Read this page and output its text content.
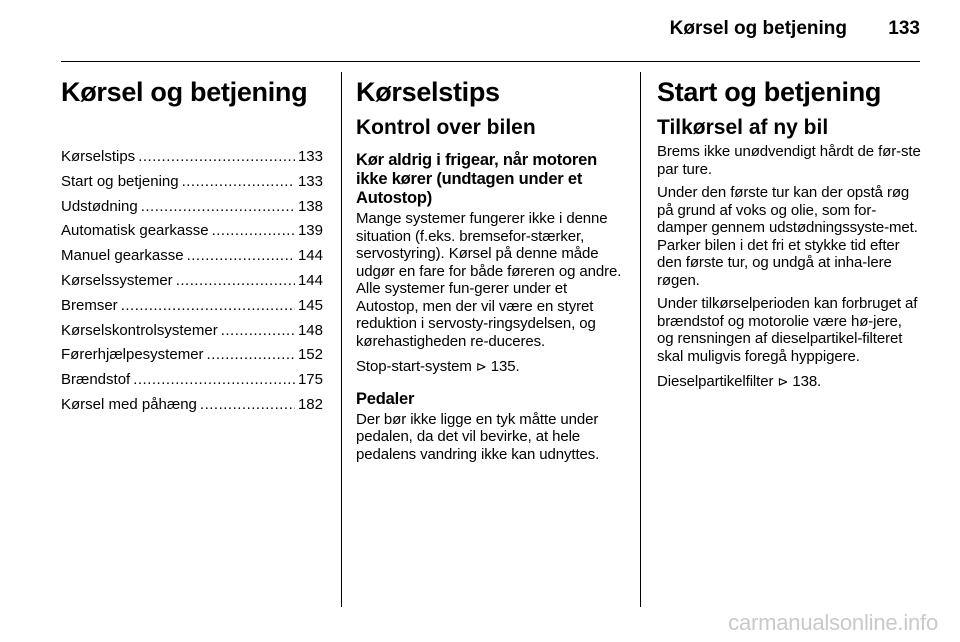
Kørsel og betjening 133
Kørsel og betjening
Kørselstips .....	133
Start og betjening .....	133
Udstødning .....	138
Automatisk gearkasse .....	139
Manuel gearkasse .....	144
Kørselssystemer .....	144
Bremser .....	145
Kørselskontrolsystemer .....	148
Førerhjælpesystemer .....	152
Brændstof .....	175
Kørsel med påhæng .....	182
Kørselstips
Kontrol over bilen
Kør aldrig i frigear, når motoren ikke kører (undtagen under et Autostop)

Mange systemer fungerer ikke i denne situation (f.eks. bremsefor-stærker, servostyring). Kørsel på denne måde udgør en fare for både føreren og andre. Alle systemer fun-gerer under et Autostop, men der vil være en styret reduktion i servosty-ringsydelsen, og kørehastigheden re-duceres.

Stop-start-system ⊳ 135.

Pedaler

Der bør ikke ligge en tyk måtte under pedalen, da det vil bevirke, at hele pedalens vandring ikke kan udnyttes.

Start og betjening
Tilkørsel af ny bil

Brems ikke unødvendigt hårdt de før-ste par ture.

Under den første tur kan der opstå røg på grund af voks og olie, som for-damper gennem udstødningssyste-met. Parker bilen i det fri et stykke tid efter den første tur, og undgå at inha-lere røgen.

Under tilkørselperioden kan forbruget af brændstof og motorolie være hø-jere, og rensningen af dieselpartikel-filteret skal muligvis foregå hyppigere.

Dieselpartikelfilter ⊳ 138.

carmanualsonline.info
